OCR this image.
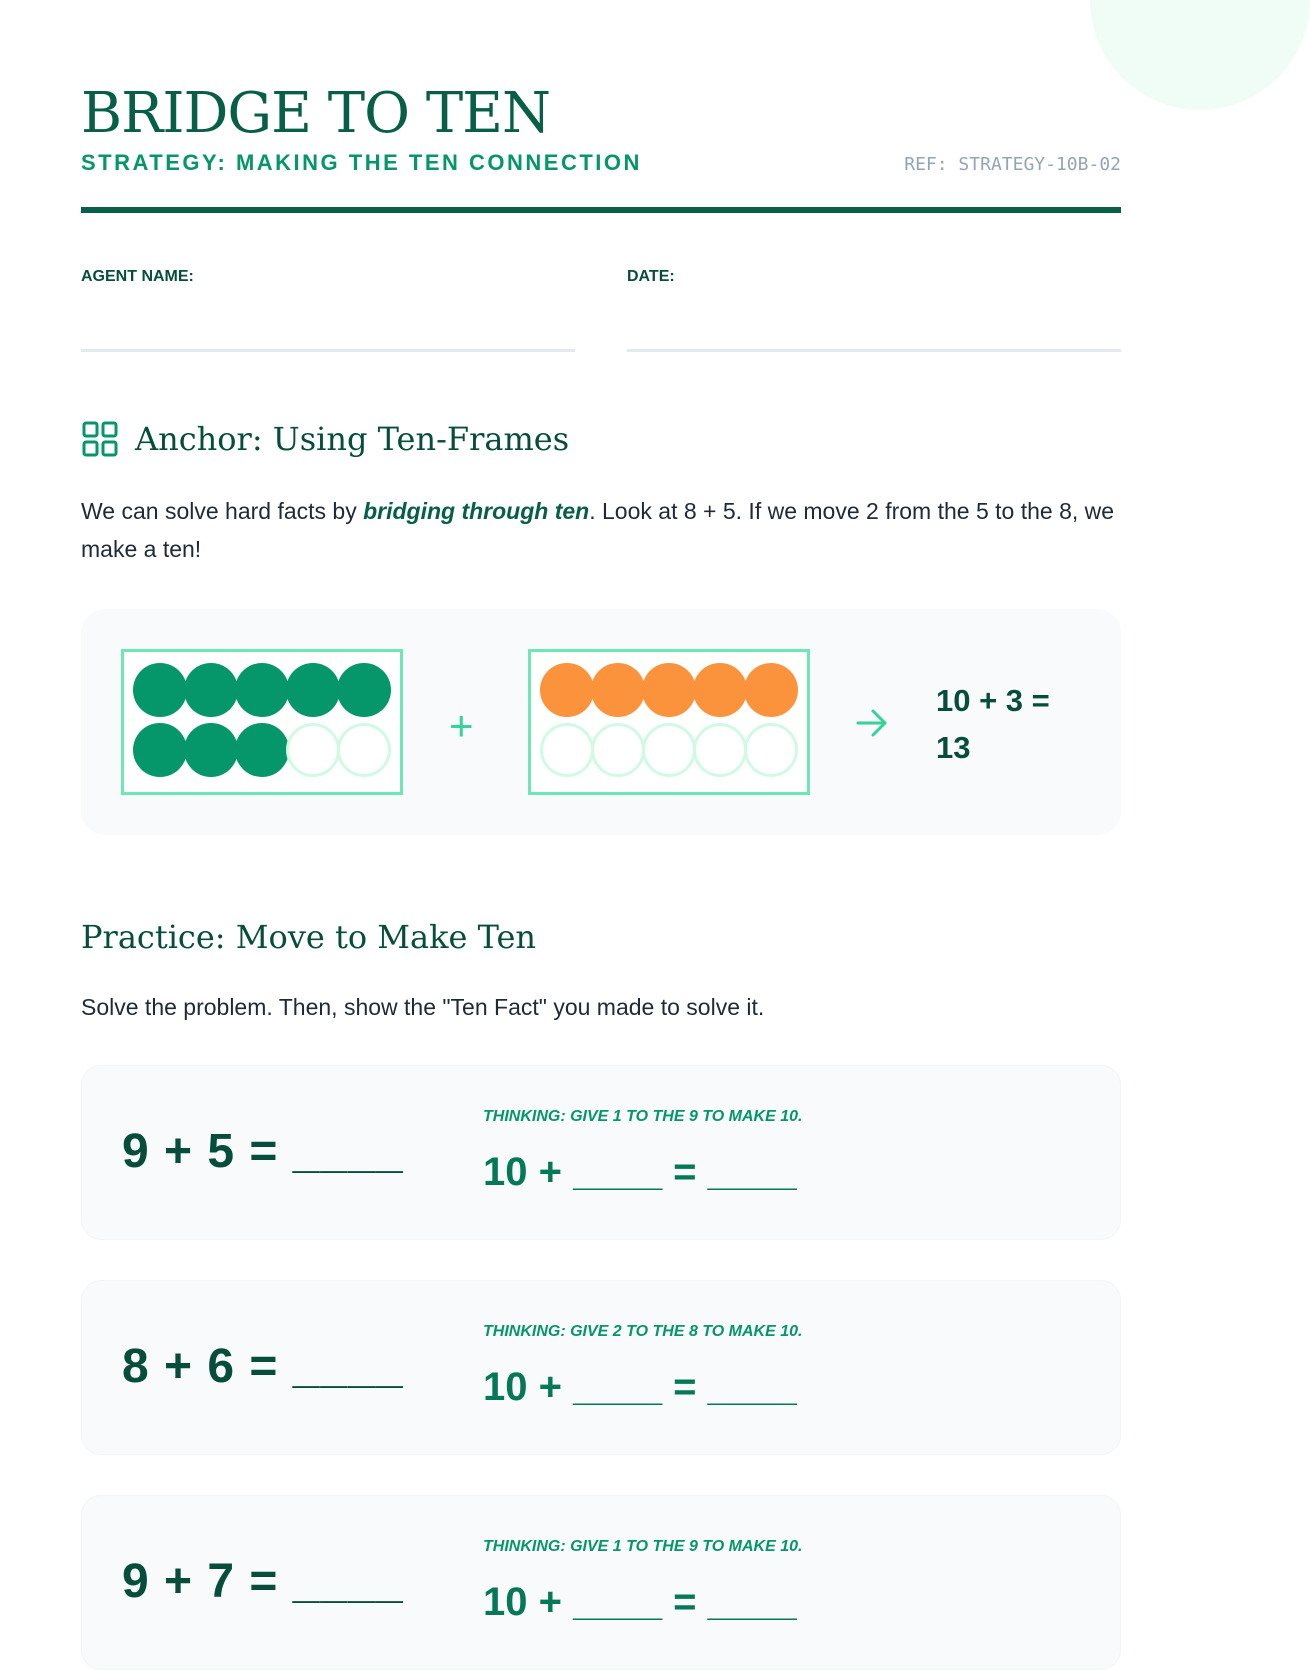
BRIDGE TO TEN
STRATEGY: MAKING THE TEN CONNECTION	REF: STRATEGY-10B-02
AGENT NAME:	DATE:
Anchor: Using Ten-Frames

We can solve hard facts by bridging through ten. Look at 8 + 5. If we move 2 from the 5 to the 8, we make a ten!

+
10 + 3 = 13
Practice: Move to Make Ten

Solve the problem. Then, show the "Ten Fact" you made to solve it.

9 + 5 = ____
THINKING: GIVE 1 TO THE 9 TO MAKE 10.
10 + ____ = ____
8 + 6 = ____
THINKING: GIVE 2 TO THE 8 TO MAKE 10.
10 + ____ = ____
9 + 7 = ____
THINKING: GIVE 1 TO THE 9 TO MAKE 10.
10 + ____ = ____
